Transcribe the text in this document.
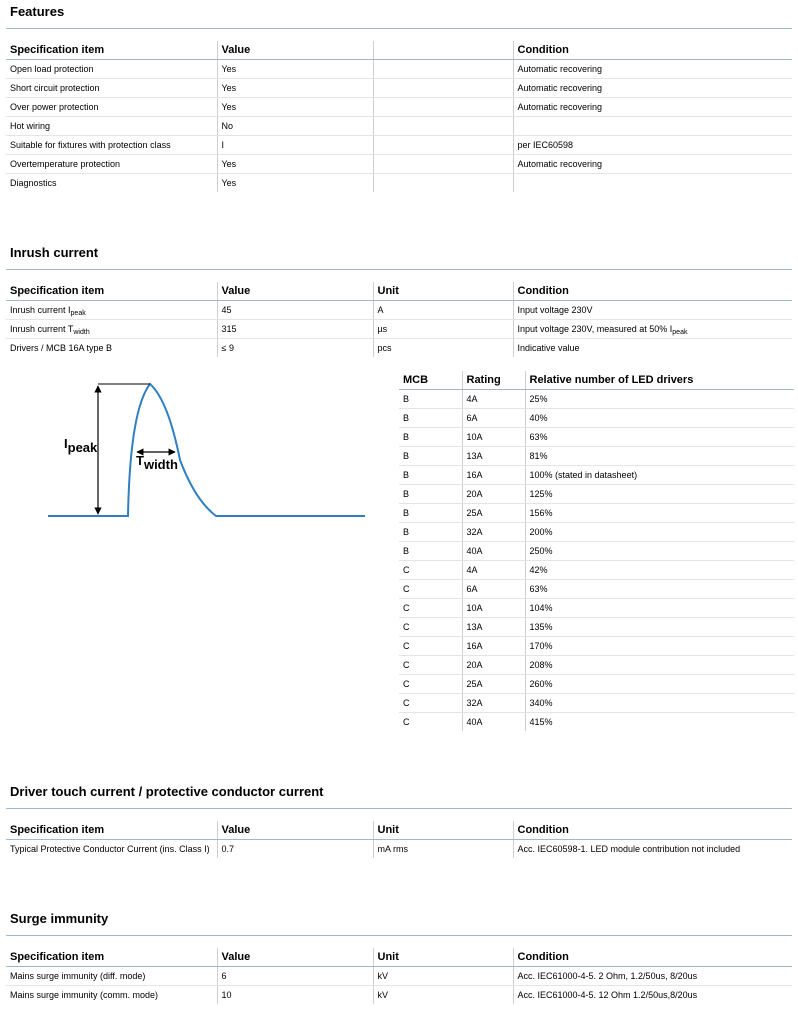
Features
Specification item	Value		Condition
Open load protection	Yes		Automatic recovering
Short circuit protection	Yes		Automatic recovering
Over power protection	Yes		Automatic recovering
Hot wiring	No		
Suitable for fixtures with protection class	I		per IEC60598
Overtemperature protection	Yes		Automatic recovering
Diagnostics	Yes		
Inrush current
Specification item	Value	Unit	Condition
Inrush current $I_{peak}$	45	A	Input voltage 230V
Inrush current $T_{width}$	315	µs	Input voltage 230V, measured at 50% $I_{peak}$
Drivers / MCB 16A type B	≤ 9	pcs	Indicative value
Ipeak
Twidth
MCB	Rating	Relative number of LED drivers
B	4A	25%
B	6A	40%
B	10A	63%
B	13A	81%
B	16A	100% (stated in datasheet)
B	20A	125%
B	25A	156%
B	32A	200%
B	40A	250%
C	4A	42%
C	6A	63%
C	10A	104%
C	13A	135%
C	16A	170%
C	20A	208%
C	25A	260%
C	32A	340%
C	40A	415%
Driver touch current / protective conductor current
Specification item	Value	Unit	Condition
Typical Protective Conductor Current (ins. Class I)	0.7	mA rms	Acc. IEC60598-1. LED module contribution not included
Surge immunity
Specification item	Value	Unit	Condition
Mains surge immunity (diff. mode)	6	kV	Acc. IEC61000-4-5. 2 Ohm, 1.2/50us, 8/20us
Mains surge immunity (comm. mode)	10	kV	Acc. IEC61000-4-5. 12 Ohm 1.2/50us,8/20us
